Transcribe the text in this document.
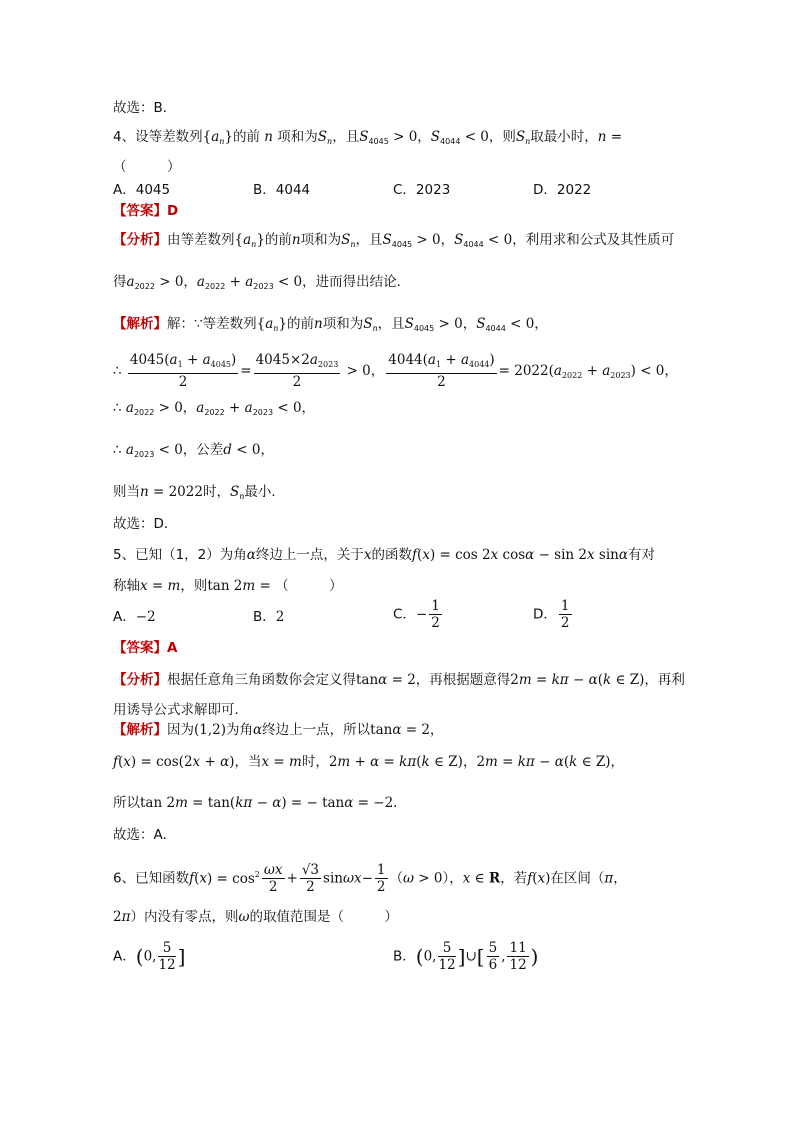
故选：B．
4、设等差数列$\{a_n\}$的前 n 项和为$S_n$，且$S_{4045} > 0$，$S_{4044} < 0$，则$S_n$取最小时，n =
（　　　）
A．4045	B．4044	C．2023	D．2022
【答案】D
【分析】由等差数列$\{a_n\}$的前n项和为$S_n$，且$S_{4045} > 0$，$S_{4044} < 0$，利用求和公式及其性质可
得$a_{2022} > 0$，$a_{2022} + a_{2023} < 0$，进而得出结论．
【解析】解：∵等差数列$\{a_n\}$的前n项和为$S_n$，且$S_{4045} > 0$，$S_{4044} < 0$，
∴ $\frac{4045(a_1 + a_{4045})}{2} = \frac{4045\times 2a_{2023}}{2} > 0$， $\frac{4044(a_1 + a_{4044})}{2} = 2022(a_{2022} + a_{2023}) < 0$，
∴ $a_{2022} > 0$，$a_{2022} + a_{2023} < 0$，
∴ $a_{2023} < 0$，公差d < 0，
则当n = 2022时，$S_n$最小．
故选：D．
5、已知（1，2）为角α终边上一点，关于x的函数f(x) = cos 2x cosα − sin 2x sinα有对
称轴x = m，则tan 2m = （　　　）
A．−2	B．2	C．− $\frac{1}{2}$	D． $\frac{1}{2}$
【答案】A
【分析】根据任意角三角函数你会定义得tanα = 2，再根据题意得2m = kπ − α(k ∈ Z)，再利
用诱导公式求解即可.
【解析】因为(1,2)为角α终边上一点，所以tanα = 2，
f(x) = cos(2x + α)，当x = m时，2m + α = kπ(k ∈ Z)，2m = kπ − α(k ∈ Z)，
所以tan 2m = tan(kπ − α) = − tanα = −2.
故选：A.
6、已知函数$f(x) = \cos^2 \frac{\omega x}{2} + \frac{√3}{2} \sin\omega x- \frac{1}{2} (\omega > 0)$，x ∈ R，若f(x)在区间（π，
2π）内没有零点，则ω的取值范围是（　　　）
A．(0, $\frac{5}{12}$ ]	B．(0, $\frac{5}{12}$ ]∪[ $\frac{5}{6}$ , $\frac{11}{12}$ )
